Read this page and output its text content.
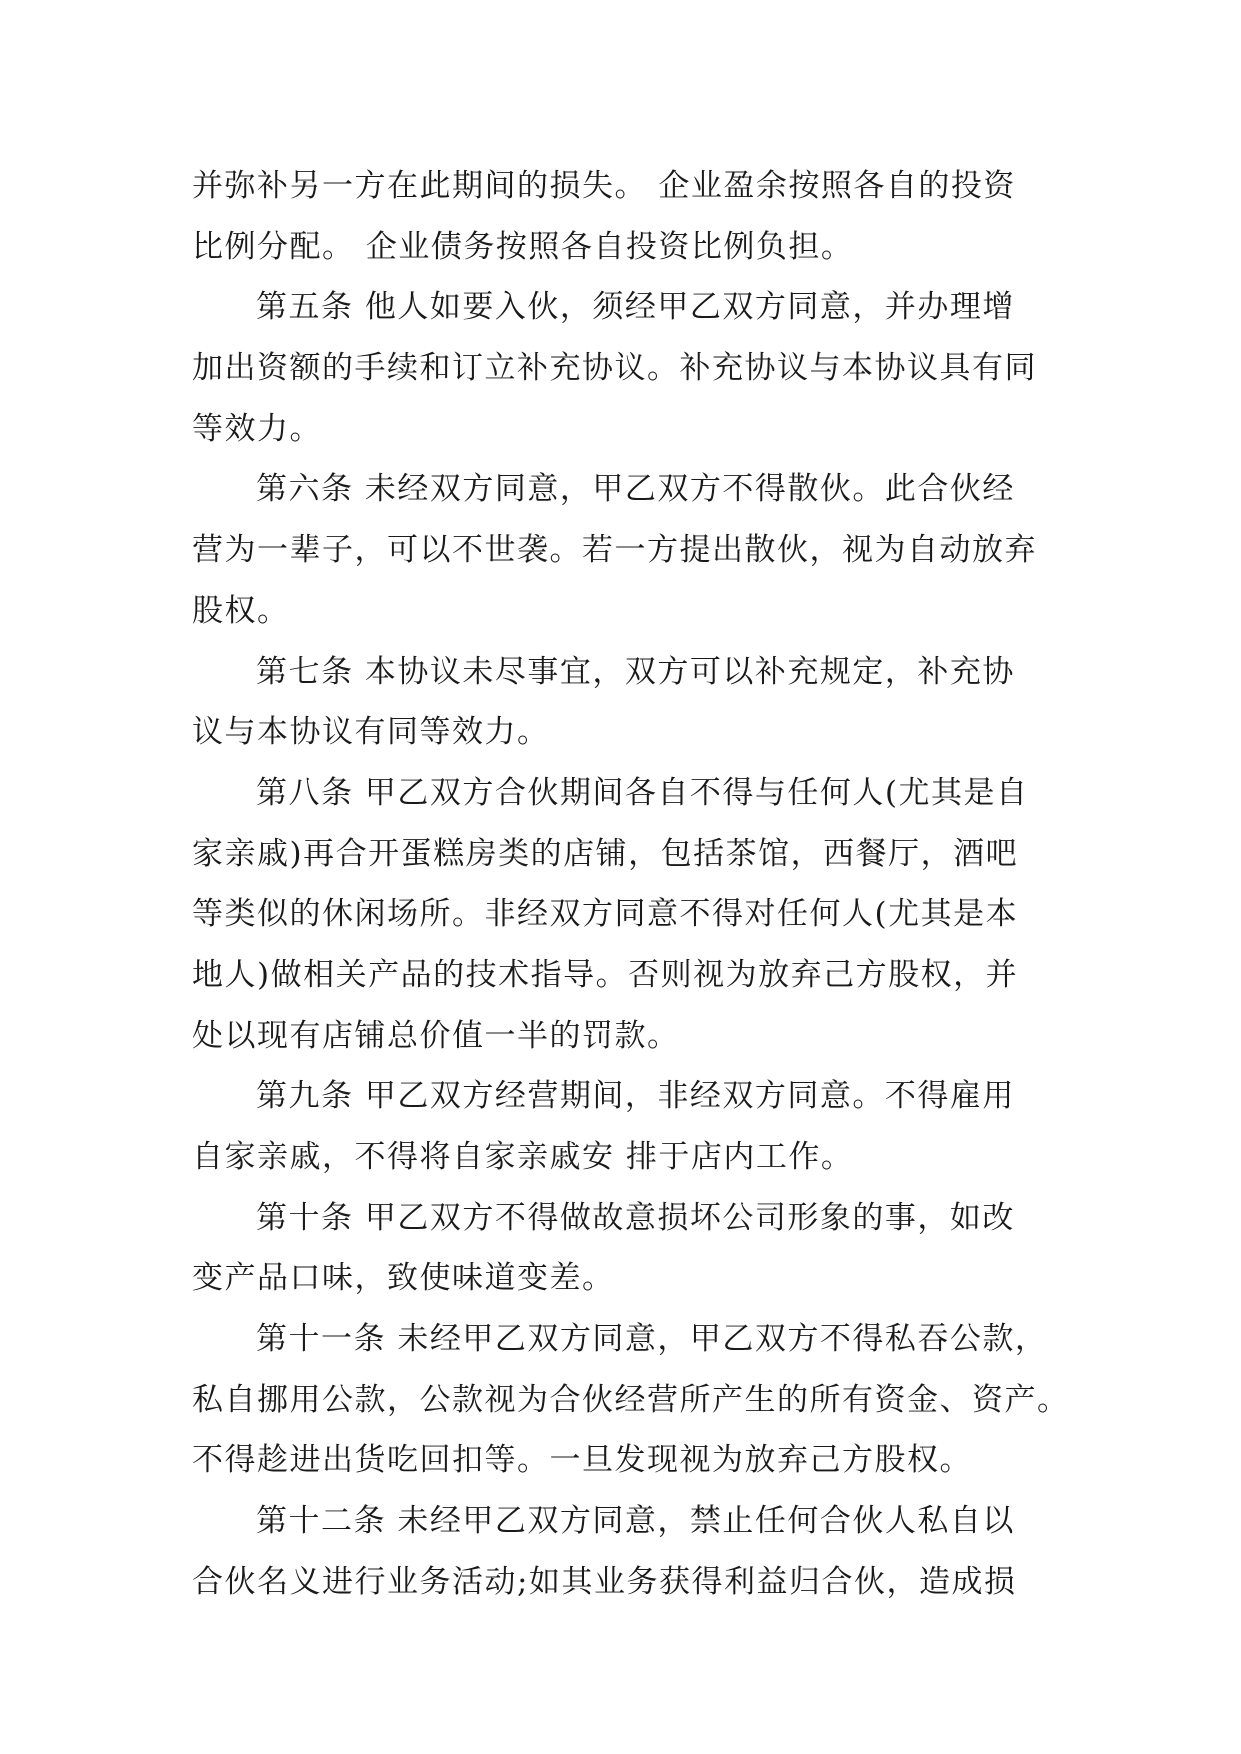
并弥补另一方在此期间的损失。 企业盈余按照各自的投资
比例分配。 企业债务按照各自投资比例负担。
第五条 他人如要入伙，须经甲乙双方同意，并办理增
加出资额的手续和订立补充协议。补充协议与本协议具有同
等效力。
第六条 未经双方同意，甲乙双方不得散伙。此合伙经
营为一辈子，可以不世袭。若一方提出散伙，视为自动放弃
股权。
第七条 本协议未尽事宜，双方可以补充规定，补充协
议与本协议有同等效力。
第八条 甲乙双方合伙期间各自不得与任何人(尤其是自
家亲戚)再合开蛋糕房类的店铺，包括茶馆，西餐厅，酒吧
等类似的休闲场所。非经双方同意不得对任何人(尤其是本
地人)做相关产品的技术指导。否则视为放弃己方股权，并
处以现有店铺总价值一半的罚款。
第九条 甲乙双方经营期间，非经双方同意。不得雇用
自家亲戚，不得将自家亲戚安 排于店内工作。
第十条 甲乙双方不得做故意损坏公司形象的事，如改
变产品口味，致使味道变差。
第十一条 未经甲乙双方同意，甲乙双方不得私吞公款，
私自挪用公款，公款视为合伙经营所产生的所有资金、资产。
不得趁进出货吃回扣等。一旦发现视为放弃己方股权。
第十二条 未经甲乙双方同意，禁止任何合伙人私自以
合伙名义进行业务活动;如其业务获得利益归合伙，造成损
